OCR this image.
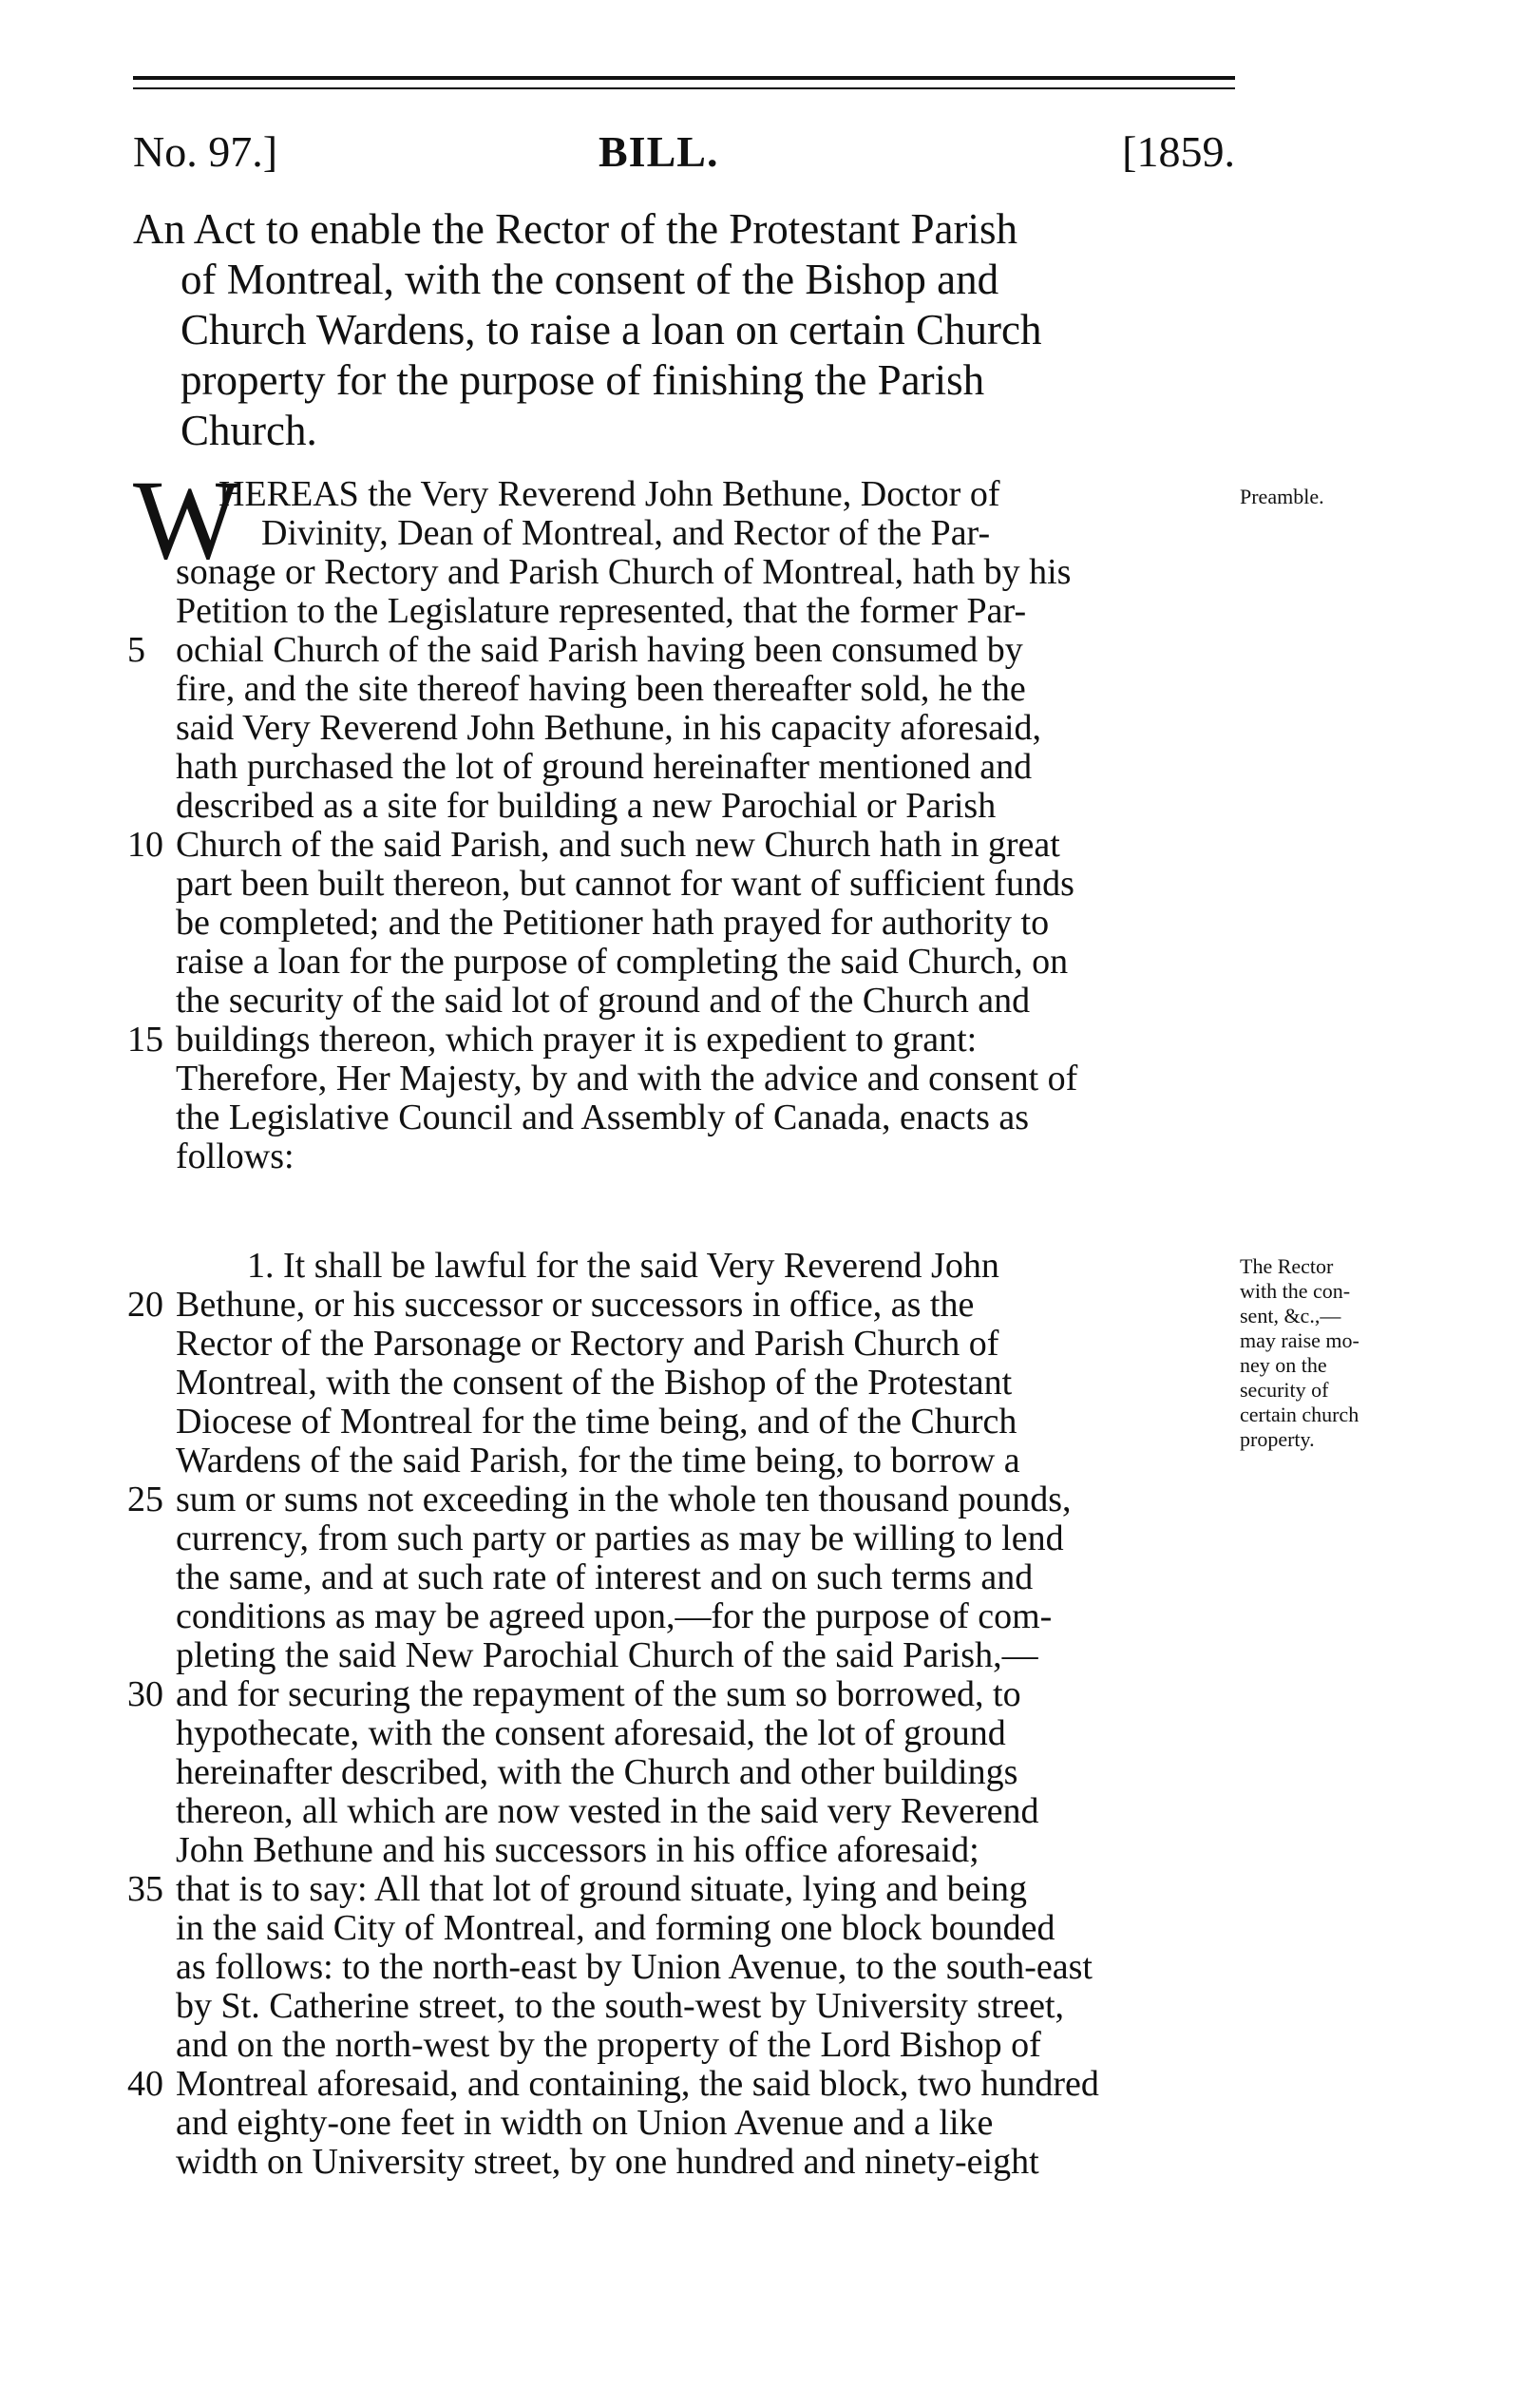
No. 97.]	BILL.	[1859.
An Act to enable the Rector of the Protestant Parish
of Montreal, with the consent of the Bishop and
Church Wardens, to raise a loan on certain Church
property for the purpose of finishing the Parish
Church.
W
HEREAS the Very Reverend John Bethune, Doctor of
Divinity, Dean of Montreal, and Rector of the Par-
Preamble.
sonage or Rectory and Parish Church of Montreal, hath by his
Petition to the Legislature represented, that the former Par-
5 ochial Church of the said Parish having been consumed by
fire, and the site thereof having been thereafter sold, he the
said Very Reverend John Bethune, in his capacity aforesaid,
hath purchased the lot of ground hereinafter mentioned and
described as a site for building a new Parochial or Parish
10 Church of the said Parish, and such new Church hath in great
part been built thereon, but cannot for want of sufficient funds
be completed; and the Petitioner hath prayed for authority to
raise a loan for the purpose of completing the said Church, on
the security of the said lot of ground and of the Church and
15 buildings thereon, which prayer it is expedient to grant:
Therefore, Her Majesty, by and with the advice and consent of
the Legislative Council and Assembly of Canada, enacts as
follows:
1. It shall be lawful for the said Very Reverend John
20 Bethune, or his successor or successors in office, as the
Rector of the Parsonage or Rectory and Parish Church of
Montreal, with the consent of the Bishop of the Protestant
Diocese of Montreal for the time being, and of the Church
Wardens of the said Parish, for the time being, to borrow a
25 sum or sums not exceeding in the whole ten thousand pounds,
currency, from such party or parties as may be willing to lend
the same, and at such rate of interest and on such terms and
conditions as may be agreed upon,—for the purpose of com-
pleting the said New Parochial Church of the said Parish,—
30 and for securing the repayment of the sum so borrowed, to
hypothecate, with the consent aforesaid, the lot of ground
hereinafter described, with the Church and other buildings
thereon, all which are now vested in the said very Reverend
John Bethune and his successors in his office aforesaid;
35 that is to say: All that lot of ground situate, lying and being
in the said City of Montreal, and forming one block bounded
as follows: to the north-east by Union Avenue, to the south-east
by St. Catherine street, to the south-west by University street,
and on the north-west by the property of the Lord Bishop of
40 Montreal aforesaid, and containing, the said block, two hundred
and eighty-one feet in width on Union Avenue and a like
width on University street, by one hundred and ninety-eight
The Rector
with the con-
sent, &c.,—
may raise mo-
ney on the
security of
certain church
property.
